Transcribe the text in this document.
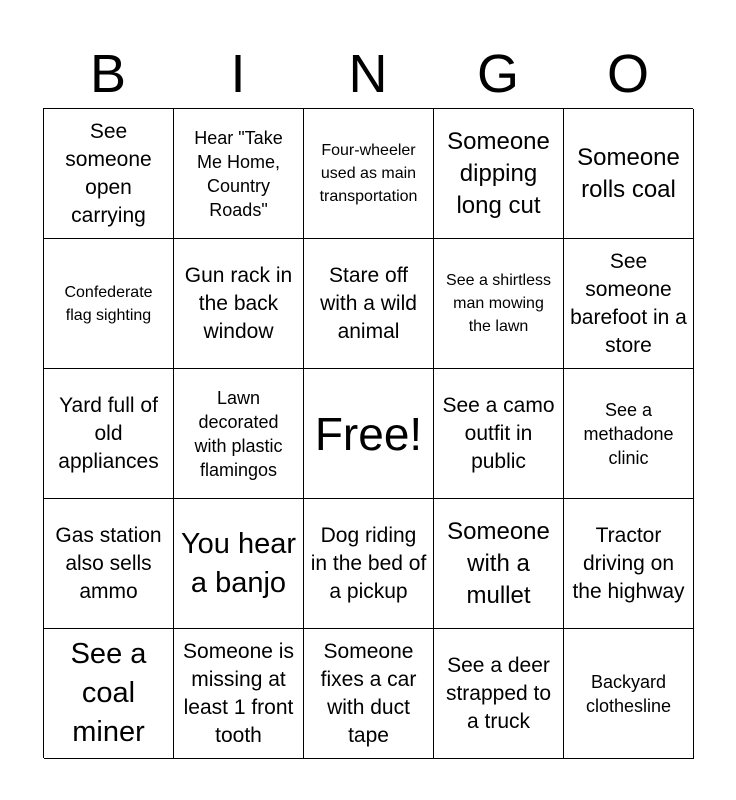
B	I	N	G	O
See someone open carrying
Hear "Take Me Home, Country Roads"
Four-wheeler used as main transportation
Someone dipping long cut
Someone rolls coal
Confederate flag sighting
Gun rack in the back window
Stare off with a wild animal
See a shirtless man mowing the lawn
See someone barefoot in a store
Yard full of old appliances
Lawn decorated with plastic flamingos
Free!
See a camo outfit in public
See a methadone clinic
Gas station also sells ammo
You hear a banjo
Dog riding in the bed of a pickup
Someone with a mullet
Tractor driving on the highway
See a coal miner
Someone is missing at least 1 front tooth
Someone fixes a car with duct tape
See a deer strapped to a truck
Backyard clothesline
